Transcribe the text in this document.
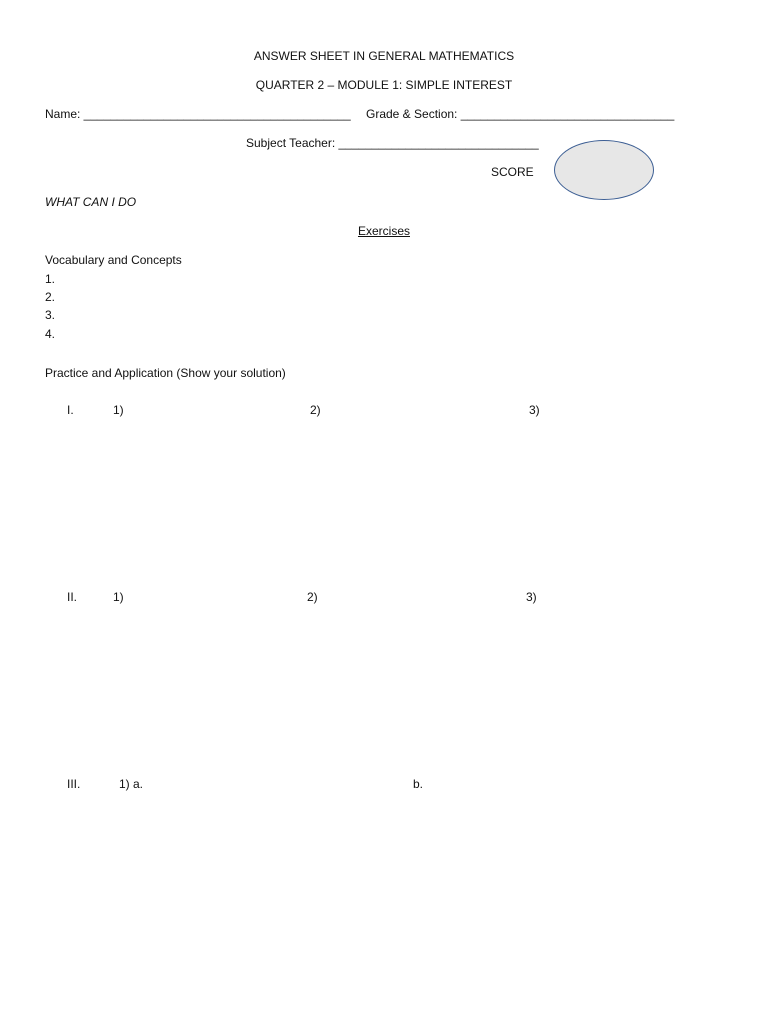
ANSWER SHEET IN GENERAL MATHEMATICS
QUARTER 2 – MODULE 1: SIMPLE INTEREST
Name: ________________________________________ Grade & Section: ________________________________
Subject Teacher: ______________________________
SCORE
WHAT CAN I DO
Exercises
Vocabulary and Concepts
1.
2.
3.
4.
Practice and Application (Show your solution)
I.	1)	2)	3)
II.	1)	2)	3)
III.	1) a.	b.
